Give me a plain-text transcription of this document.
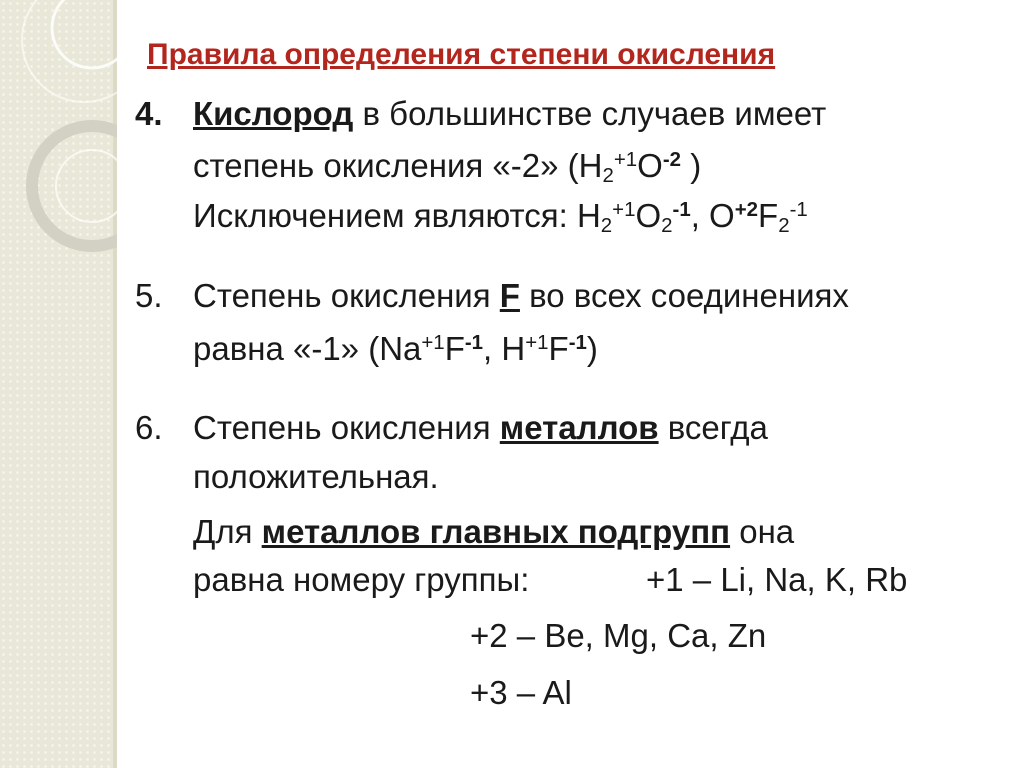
Правила определения степени окисления
4. Кислород в большинстве случаев имеет
степень окисления «-2» ($H_2^{+1}O^{-2}$ )
Исключением являются: $H_2^{+1}O_2^{-1}$, $O^{+2}F_2^{-1}$
5. Степень окисления F во всех соединениях
равна «-1» ($Na^{+1}F^{-1}$, $H^{+1}F^{-1}$)
6. Степень окисления металлов всегда
положительная.
Для металлов главных подгрупп она
равна номеру группы:	+1 – Li, Na, K, Rb
+2 – Be, Mg, Ca, Zn
+3 – Al
